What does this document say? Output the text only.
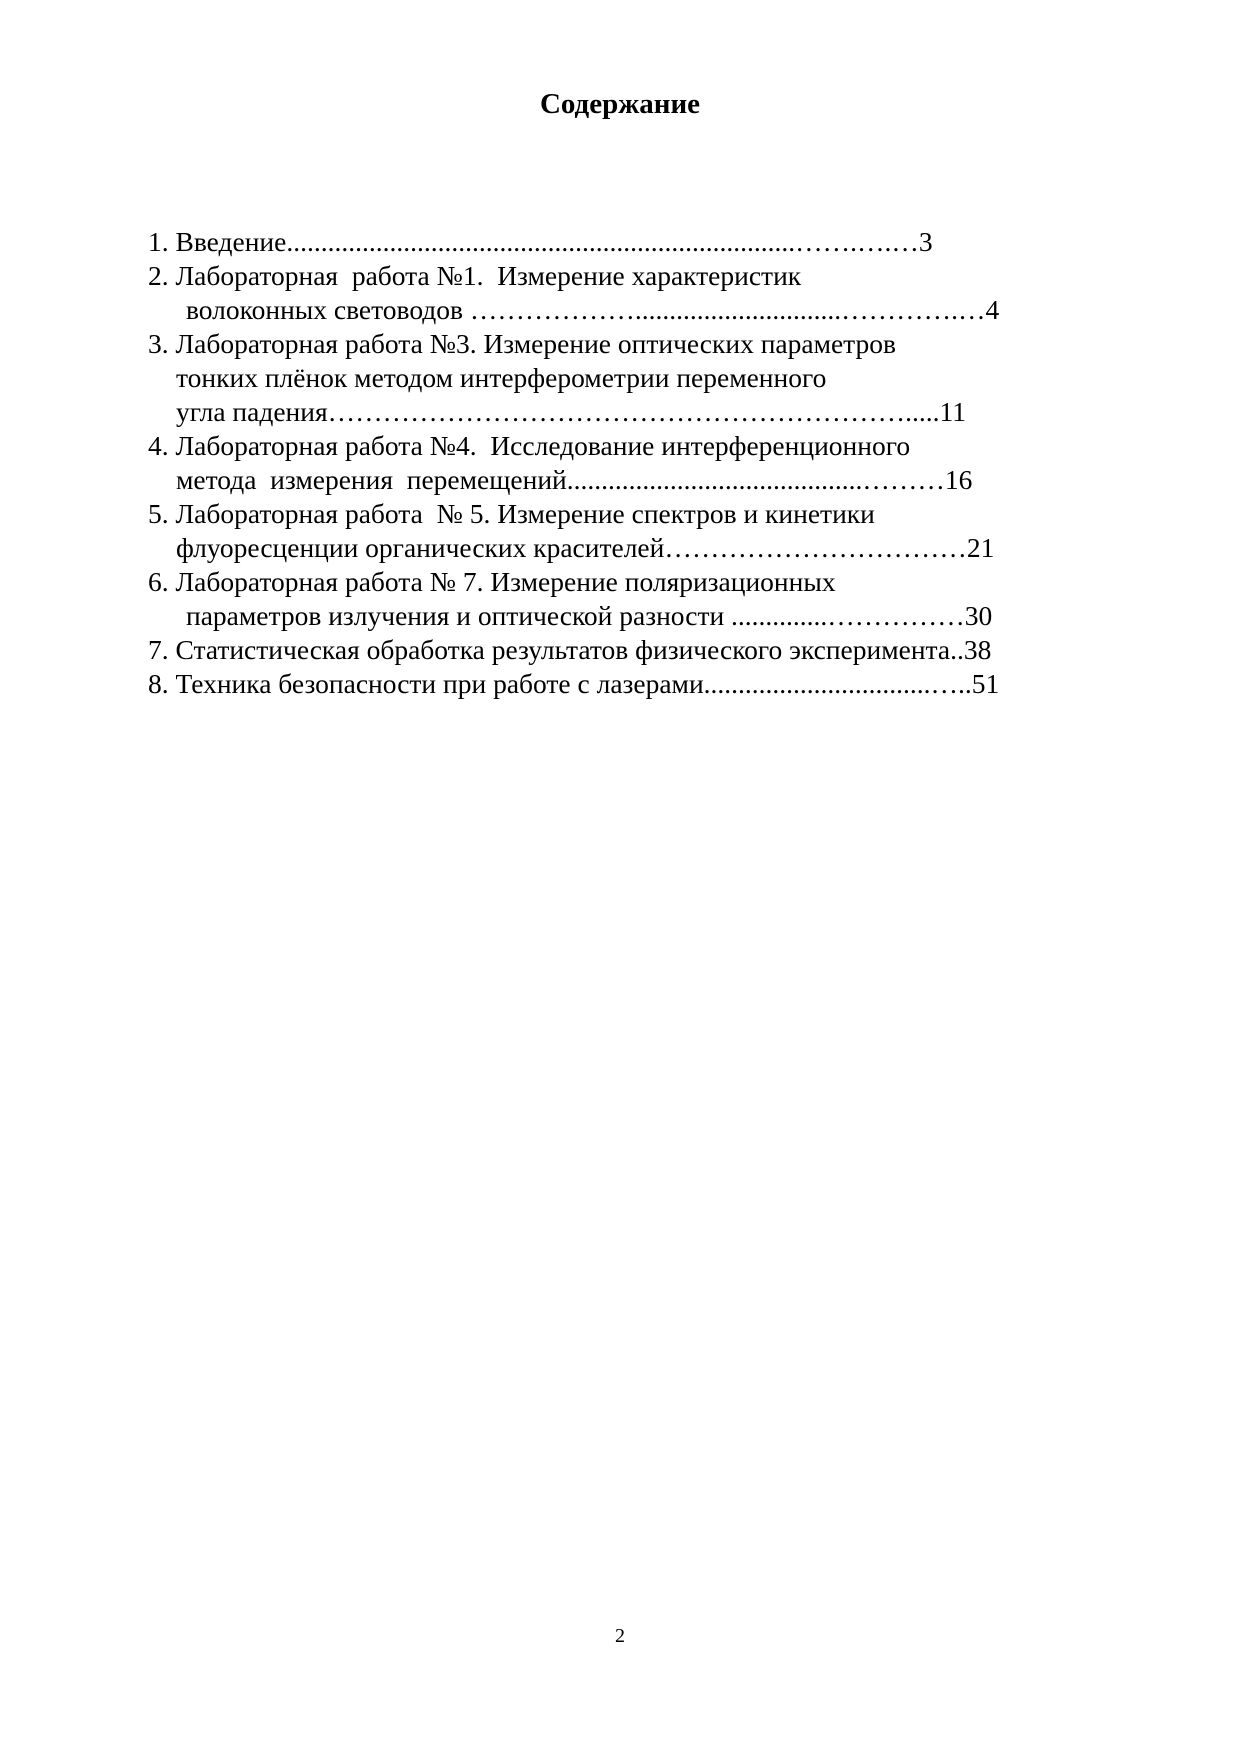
Содержание
1. Введение..........................................................................…….….…3
2. Лабораторная  работа №1.  Измерение характеристик
волоконных световодов ………………..............................………….…4
3. Лабораторная работа №3. Измерение оптических параметров
тонких плёнок методом интерферометрии переменного
угла падения……………………………………………………….....11
4. Лабораторная работа №4.  Исследование интерференционного
метода  измерения  перемещений...........................................………16
5. Лабораторная работа  № 5. Измерение спектров и кинетики
флуоресценции органических красителей……………………………21
6. Лабораторная работа № 7. Измерение поляризационных
параметров излучения и оптической разности ..............……………30
7. Статистическая обработка результатов физического эксперимента..38
8. Техника безопасности при работе с лазерами.................................…..51
2
